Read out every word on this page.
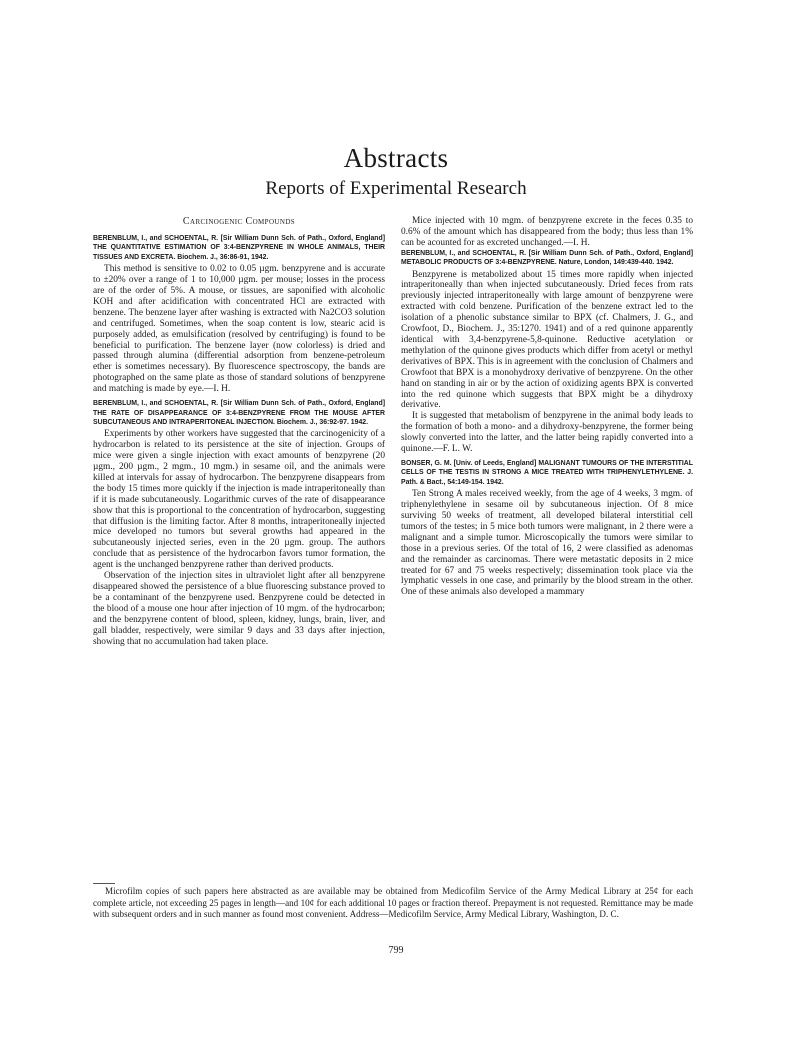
Abstracts
Reports of Experimental Research
Carcinogenic Compounds
BERENBLUM, I., and SCHOENTAL, R. [Sir William Dunn Sch. of Path., Oxford, England] THE QUANTITATIVE ESTIMATION OF 3:4-BENZPYRENE IN WHOLE ANIMALS, THEIR TISSUES AND EXCRETA. Biochem. J., 36:86-91, 1942.

This method is sensitive to 0.02 to 0.05 µgm. benzpyrene and is accurate to ±20% over a range of 1 to 10,000 µgm. per mouse; losses in the process are of the order of 5%. A mouse, or tissues, are saponified with alcoholic KOH and after acidification with concentrated HCl are extracted with benzene. The benzene layer after washing is extracted with Na2CO3 solution and centrifuged. Sometimes, when the soap content is low, stearic acid is purposely added, as emulsification (resolved by centrifuging) is found to be beneficial to purification. The benzene layer (now colorless) is dried and passed through alumina (differential adsorption from benzene-petroleum ether is sometimes necessary). By fluorescence spectroscopy, the bands are photographed on the same plate as those of standard solutions of benzpyrene and matching is made by eye.—I. H.

BERENBLUM, I., and SCHOENTAL, R. [Sir William Dunn Sch. of Path., Oxford, England] THE RATE OF DISAPPEARANCE OF 3:4-BENZPYRENE FROM THE MOUSE AFTER SUBCUTANEOUS AND INTRAPERITONEAL INJECTION. Biochem. J., 36:92-97. 1942.

Experiments by other workers have suggested that the carcinogenicity of a hydrocarbon is related to its persistence at the site of injection. Groups of mice were given a single injection with exact amounts of benzpyrene (20 µgm., 200 µgm., 2 mgm., 10 mgm.) in sesame oil, and the animals were killed at intervals for assay of hydrocarbon. The benzpyrene disappears from the body 15 times more quickly if the injection is made intraperitoneally than if it is made subcutaneously. Logarithmic curves of the rate of disappearance show that this is proportional to the concentration of hydrocarbon, suggesting that diffusion is the limiting factor. After 8 months, intraperitoneally injected mice developed no tumors but several growths had appeared in the subcutaneously injected series, even in the 20 µgm. group. The authors conclude that as persistence of the hydrocarbon favors tumor formation, the agent is the unchanged benzpyrene rather than derived products.

Observation of the injection sites in ultraviolet light after all benzpyrene disappeared showed the persistence of a blue fluorescing substance proved to be a contaminant of the benzpyrene used. Benzpyrene could be detected in the blood of a mouse one hour after injection of 10 mgm. of the hydrocarbon; and the benzpyrene content of blood, spleen, kidney, lungs, brain, liver, and gall bladder, respectively, were similar 9 days and 33 days after injection, showing that no accumulation had taken place.

Mice injected with 10 mgm. of benzpyrene excrete in the feces 0.35 to 0.6% of the amount which has disappeared from the body; thus less than 1% can be acounted for as excreted unchanged.—I. H.

BERENBLUM, I., and SCHOENTAL, R. [Sir William Dunn Sch. of Path., Oxford, England] METABOLIC PRODUCTS OF 3:4-BENZPYRENE. Nature, London, 149:439-440. 1942.

Benzpyrene is metabolized about 15 times more rapidly when injected intraperitoneally than when injected subcutaneously. Dried feces from rats previously injected intraperitoneally with large amount of benzpyrene were extracted with cold benzene. Purification of the benzene extract led to the isolation of a phenolic substance similar to BPX (cf. Chalmers, J. G., and Crowfoot, D., Biochem. J., 35:1270. 1941) and of a red quinone apparently identical with 3,4-benzpyrene-5,8-quinone. Reductive acetylation or methylation of the quinone gives products which differ from acetyl or methyl derivatives of BPX. This is in agreement with the conclusion of Chalmers and Crowfoot that BPX is a monohydroxy derivative of benzpyrene. On the other hand on standing in air or by the action of oxidizing agents BPX is converted into the red quinone which suggests that BPX might be a dihydroxy derivative.

It is suggested that metabolism of benzpyrene in the animal body leads to the formation of both a mono- and a dihydroxy-benzpyrene, the former being slowly converted into the latter, and the latter being rapidly converted into a quinone.—F. L. W.

BONSER, G. M. [Univ. of Leeds, England] MALIGNANT TUMOURS OF THE INTERSTITIAL CELLS OF THE TESTIS IN STRONG A MICE TREATED WITH TRIPHENYLETHYLENE. J. Path. & Bact., 54:149-154. 1942.

Ten Strong A males received weekly, from the age of 4 weeks, 3 mgm. of triphenylethylene in sesame oil by subcutaneous injection. Of 8 mice surviving 50 weeks of treatment, all developed bilateral interstitial cell tumors of the testes; in 5 mice both tumors were malignant, in 2 there were a malignant and a simple tumor. Microscopically the tumors were similar to those in a previous series. Of the total of 16, 2 were classified as adenomas and the remainder as carcinomas. There were metastatic deposits in 2 mice treated for 67 and 75 weeks respectively; dissemination took place via the lymphatic vessels in one case, and primarily by the blood stream in the other. One of these animals also developed a mammary

Microfilm copies of such papers here abstracted as are available may be obtained from Medicofilm Service of the Army Medical Library at 25¢ for each complete article, not exceeding 25 pages in length—and 10¢ for each additional 10 pages or fraction thereof. Prepayment is not requested. Remittance may be made with subsequent orders and in such manner as found most convenient. Address—Medicofilm Service, Army Medical Library, Washington, D. C.

799
